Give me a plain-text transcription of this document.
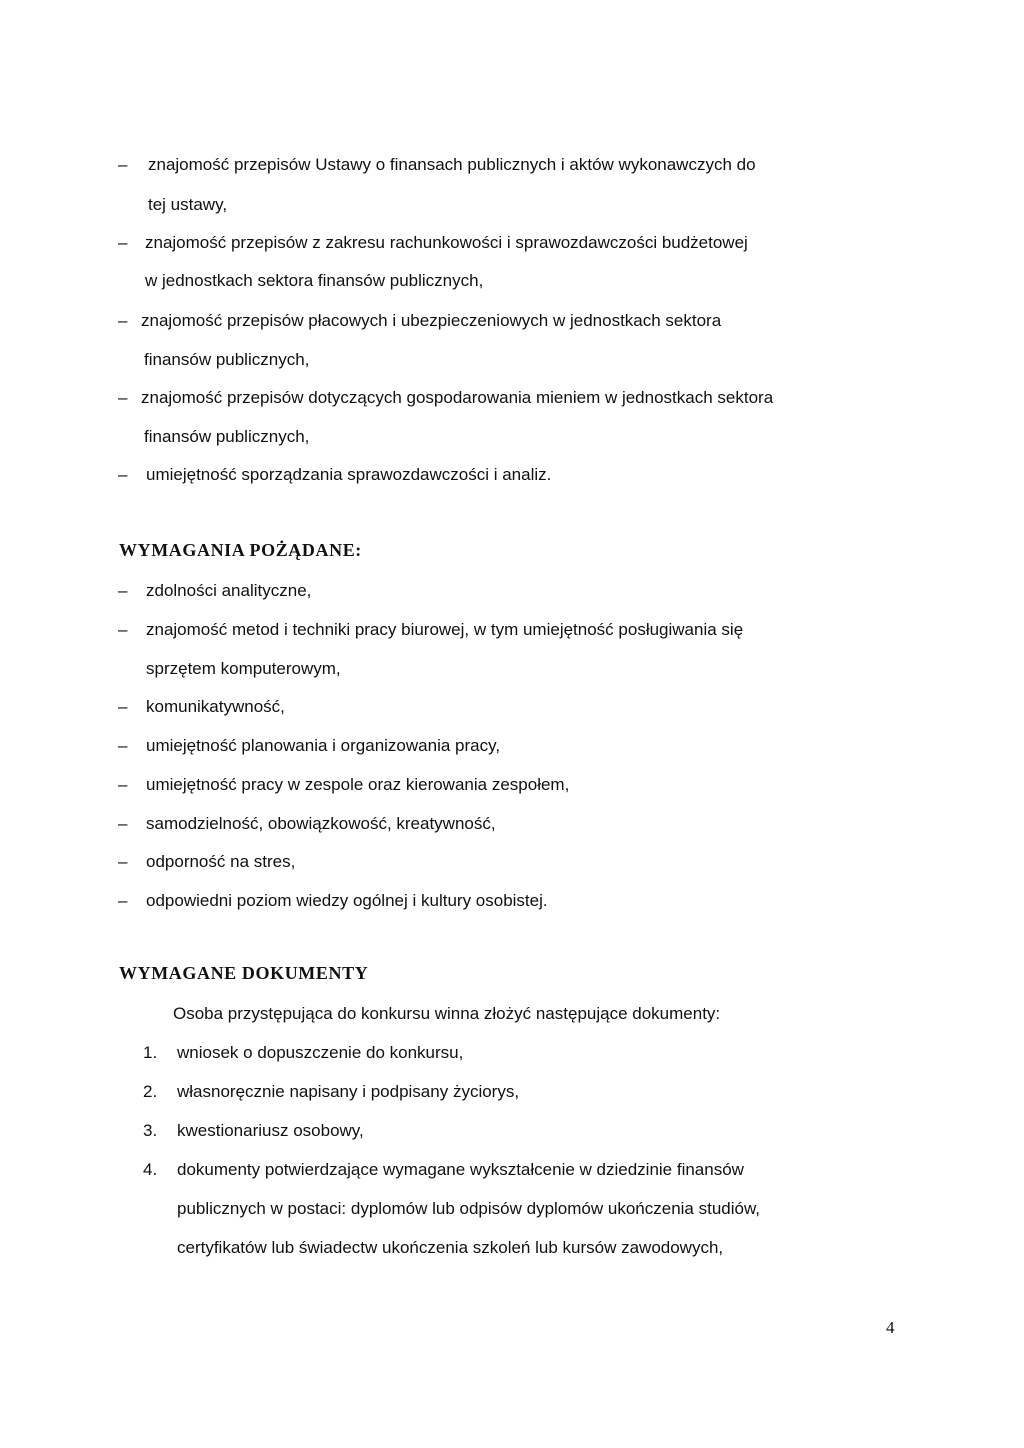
– znajomość przepisów Ustawy o finansach publicznych i aktów wykonawczych do
tej ustawy,
– znajomość przepisów z zakresu rachunkowości i sprawozdawczości budżetowej
w jednostkach sektora finansów publicznych,
– znajomość przepisów płacowych i ubezpieczeniowych w jednostkach sektora
finansów publicznych,
– znajomość przepisów dotyczących gospodarowania mieniem w jednostkach sektora
finansów publicznych,
– umiejętność sporządzania sprawozdawczości i analiz.
WYMAGANIA POŻĄDANE:
– zdolności analityczne,
– znajomość metod i techniki pracy biurowej, w tym umiejętność posługiwania się
sprzętem komputerowym,
– komunikatywność,
– umiejętność planowania i organizowania pracy,
– umiejętność pracy w zespole oraz kierowania zespołem,
– samodzielność, obowiązkowość, kreatywność,
– odporność na stres,
– odpowiedni poziom wiedzy ogólnej i kultury osobistej.
WYMAGANE DOKUMENTY
Osoba przystępująca do konkursu winna złożyć następujące dokumenty:
1. wniosek o dopuszczenie do konkursu,
2. własnoręcznie napisany i podpisany życiorys,
3. kwestionariusz osobowy,
4. dokumenty potwierdzające wymagane wykształcenie w dziedzinie finansów
publicznych w postaci: dyplomów lub odpisów dyplomów ukończenia studiów,
certyfikatów lub świadectw ukończenia szkoleń lub kursów zawodowych,
4
